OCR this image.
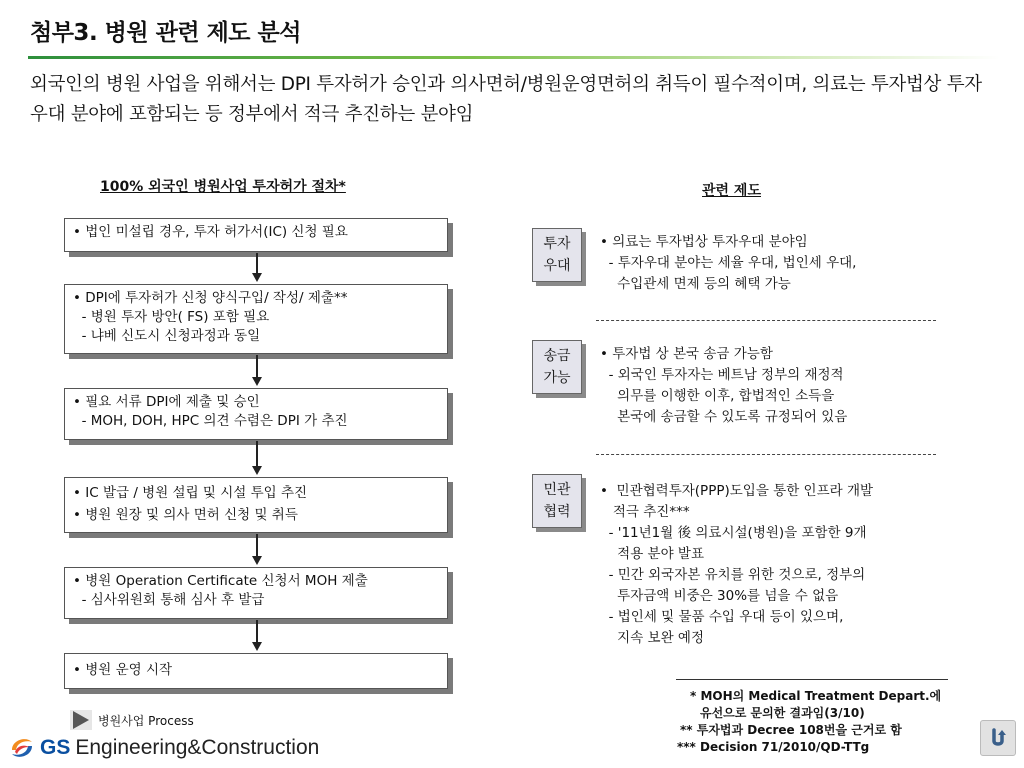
첨부3. 병원 관련 제도 분석
외국인의 병원 사업을 위해서는 DPI 투자허가 승인과 의사면허/병원운영면허의 취득이 필수적이며, 의료는 투자법상 투자우대 분야에 포함되는 등 정부에서 적극 추진하는 분야임
100% 외국인 병원사업 투자허가 절차*	관련 제도
• 법인 미설립 경우, 투자 허가서(IC) 신청 필요
• DPI에 투자허가 신청 양식구입/ 작성/ 제출**
- 병원 투자 방안( FS) 포함 필요
- 냐베 신도시 신청과정과 동일
• 필요 서류 DPI에 제출 및 승인
- MOH, DOH, HPC 의견 수렴은 DPI 가 추진
• IC 발급 / 병원 설립 및 시설 투입 추진
• 병원 원장 및 의사 면허 신청 및 취득
• 병원 Operation Certificate 신청서 MOH 제출
- 심사위원회 통해 심사 후 발급
• 병원 운영 시작
투자
우대
• 의료는 투자법상 투자우대 분야임
- 투자우대 분야는 세율 우대, 법인세 우대,
수입관세 면제 등의 혜택 가능
송금
가능
• 투자법 상 본국 송금 가능함
- 외국인 투자자는 베트남 정부의 재정적
의무를 이행한 이후, 합법적인 소득을
본국에 송금할 수 있도록 규정되어 있음
민관
협력
•  민관협력투자(PPP)도입을 통한 인프라 개발
적극 추진***
- '11년1월 後 의료시설(병원)을 포함한 9개
적용 분야 발표
- 민간 외국자본 유치를 위한 것으로, 정부의
투자금액 비중은 30%를 넘을 수 없음
- 법인세 및 물품 수입 우대 등이 있으며,
지속 보완 예정
* MOH의 Medical Treatment Depart.에
유선으로 문의한 결과임(3/10)
** 투자법과 Decree 108번을 근거로 함
*** Decision 71/2010/QD-TTg
병원사업 Process
GS Engineering&Construction
